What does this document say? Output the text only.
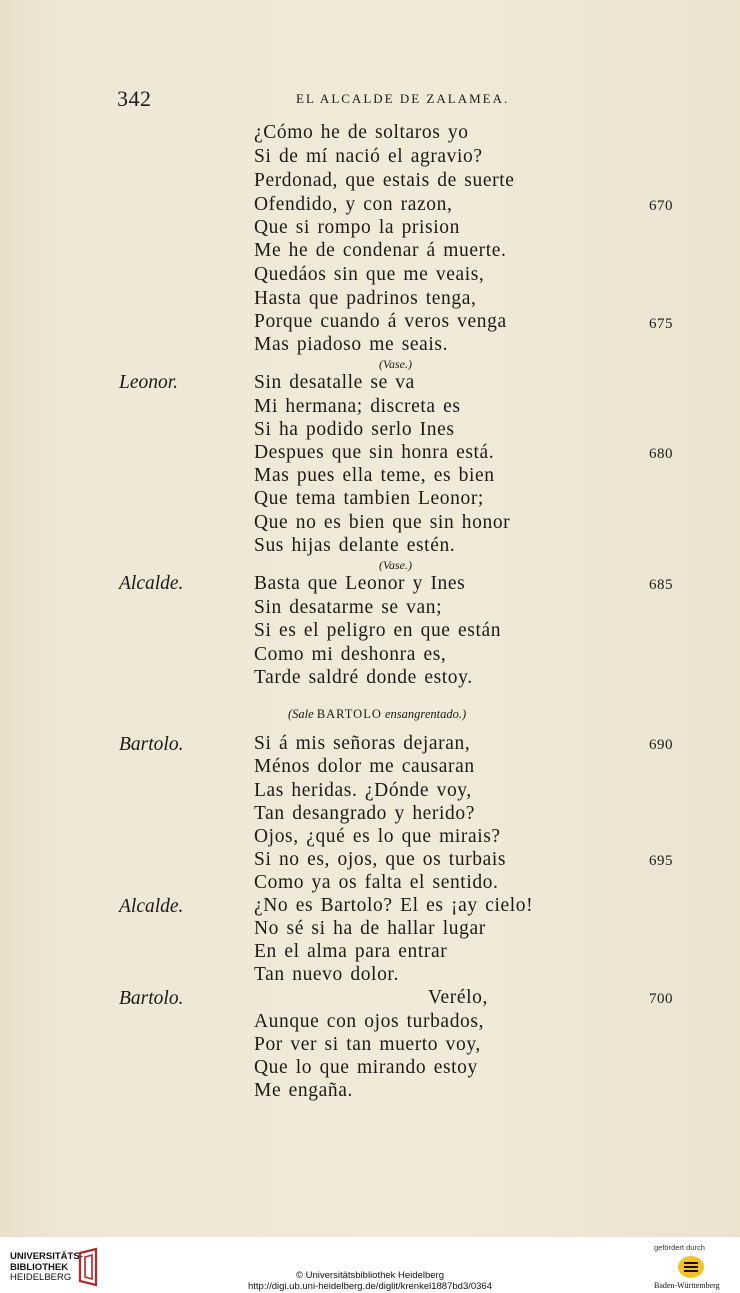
342	EL ALCALDE DE ZALAMEA.
¿Cómo he de soltaros yo
Si de mí nació el agravio?
Perdonad, que estais de suerte
Ofendido, y con razon,	670
Que si rompo la prision
Me he de condenar á muerte.
Quedáos sin que me veais,
Hasta que padrinos tenga,
Porque cuando á veros venga	675
Mas piadoso me seais.
(Vase.)
Leonor.	Sin desatalle se va
Mi hermana; discreta es
Si ha podido serlo Ines
Despues que sin honra está.	680
Mas pues ella teme, es bien
Que tema tambien Leonor;
Que no es bien que sin honor
Sus hijas delante estén.
(Vase.)
Alcalde.	Basta que Leonor y Ines	685
Sin desatarme se van;
Si es el peligro en que están
Como mi deshonra es,
Tarde saldré donde estoy.
(Sale BARTOLO ensangrentado.)
Bartolo.	Si á mis señoras dejaran,	690
Ménos dolor me causaran
Las heridas. ¿Dónde voy,
Tan desangrado y herido?
Ojos, ¿qué es lo que mirais?
Si no es, ojos, que os turbais	695
Como ya os falta el sentido.
Alcalde.	¿No es Bartolo? El es ¡ay cielo!
No sé si ha de hallar lugar
En el alma para entrar
Tan nuevo dolor.
Bartolo.	Verélo,	700
Aunque con ojos turbados,
Por ver si tan muerto voy,
Que lo que mirando estoy
Me engaña.
UNIVERSITÄTS-
BIBLIOTHEK
HEIDELBERG	© Universitätsbibliothek Heidelberg
http://digi.ub.uni-heidelberg.de/diglit/krenkel1887bd3/0364
gefördert durch
Baden-Württemberg
